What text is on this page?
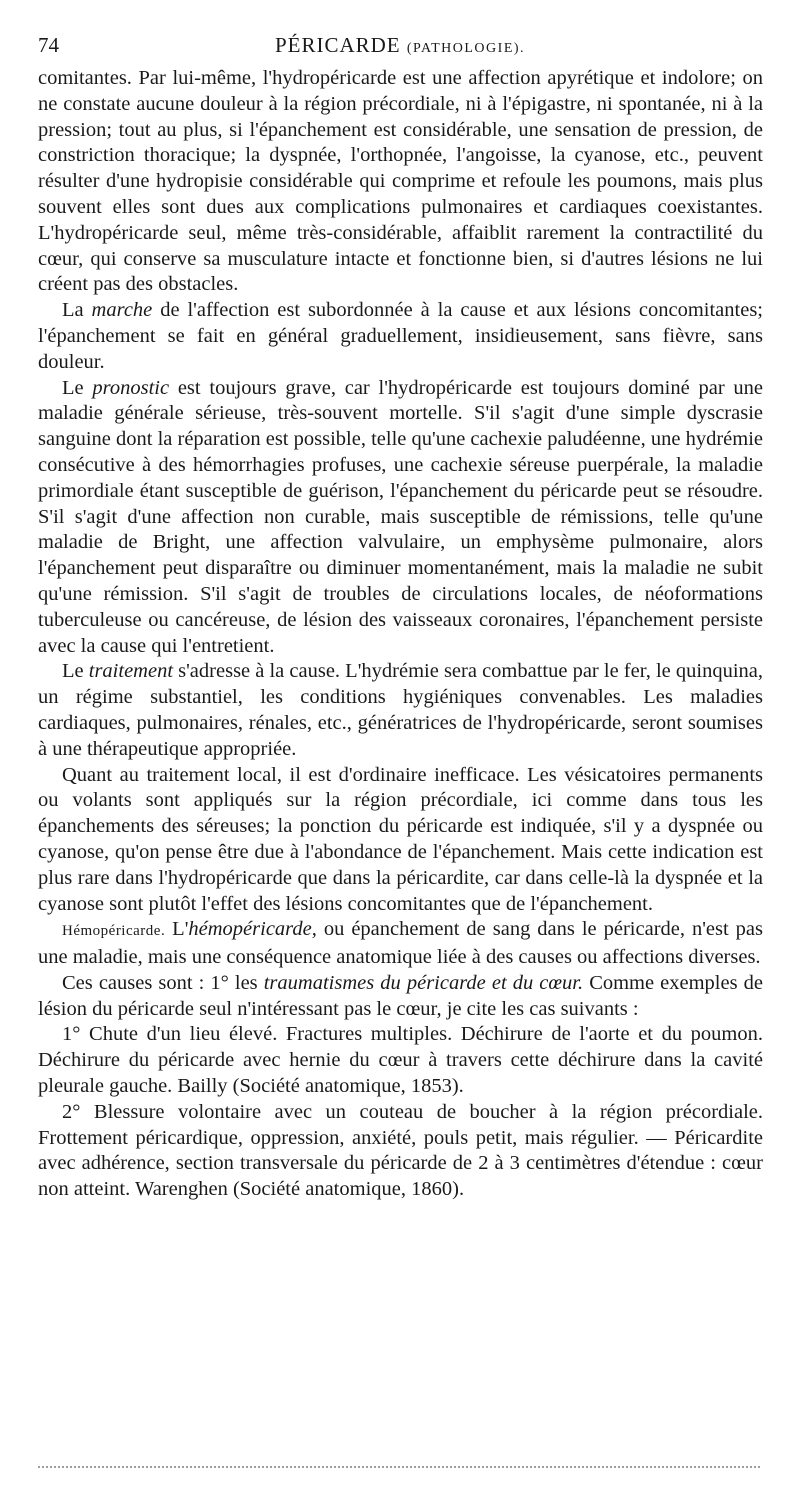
74	PÉRICARDE (PATHOLOGIE).

comitantes. Par lui-même, l'hydropéricarde est une affection apyrétique et indolore; on ne constate aucune douleur à la région précordiale, ni à l'épigastre, ni spontanée, ni à la pression; tout au plus, si l'épanchement est considérable, une sensation de pression, de constriction thoracique; la dyspnée, l'orthopnée, l'angoisse, la cyanose, etc., peuvent résulter d'une hydropisie considérable qui comprime et refoule les poumons, mais plus souvent elles sont dues aux complications pulmonaires et cardiaques coexistantes. L'hydropéricarde seul, même très-considérable, affaiblit rarement la contractilité du cœur, qui conserve sa musculature intacte et fonctionne bien, si d'autres lésions ne lui créent pas des obstacles.

La marche de l'affection est subordonnée à la cause et aux lésions concomitantes; l'épanchement se fait en général graduellement, insidieusement, sans fièvre, sans douleur.

Le pronostic est toujours grave, car l'hydropéricarde est toujours dominé par une maladie générale sérieuse, très-souvent mortelle. S'il s'agit d'une simple dyscrasie sanguine dont la réparation est possible, telle qu'une cachexie paludéenne, une hydrémie consécutive à des hémorrhagies profuses, une cachexie séreuse puerpérale, la maladie primordiale étant susceptible de guérison, l'épanchement du péricarde peut se résoudre. S'il s'agit d'une affection non curable, mais susceptible de rémissions, telle qu'une maladie de Bright, une affection valvulaire, un emphysème pulmonaire, alors l'épanchement peut disparaître ou diminuer momentanément, mais la maladie ne subit qu'une rémission. S'il s'agit de troubles de circulations locales, de néoformations tuberculeuse ou cancéreuse, de lésion des vaisseaux coronaires, l'épanchement persiste avec la cause qui l'entretient.

Le traitement s'adresse à la cause. L'hydrémie sera combattue par le fer, le quinquina, un régime substantiel, les conditions hygiéniques convenables. Les maladies cardiaques, pulmonaires, rénales, etc., génératrices de l'hydropéricarde, seront soumises à une thérapeutique appropriée.

Quant au traitement local, il est d'ordinaire inefficace. Les vésicatoires permanents ou volants sont appliqués sur la région précordiale, ici comme dans tous les épanchements des séreuses; la ponction du péricarde est indiquée, s'il y a dyspnée ou cyanose, qu'on pense être due à l'abondance de l'épanchement. Mais cette indication est plus rare dans l'hydropéricarde que dans la péricardite, car dans celle-là la dyspnée et la cyanose sont plutôt l'effet des lésions concomitantes que de l'épanchement.

Hémopéricarde. L'hémopéricarde, ou épanchement de sang dans le péricarde, n'est pas une maladie, mais une conséquence anatomique liée à des causes ou affections diverses.

Ces causes sont : 1° les traumatismes du péricarde et du cœur. Comme exemples de lésion du péricarde seul n'intéressant pas le cœur, je cite les cas suivants :

1° Chute d'un lieu élevé. Fractures multiples. Déchirure de l'aorte et du poumon. Déchirure du péricarde avec hernie du cœur à travers cette déchirure dans la cavité pleurale gauche. Bailly (Société anatomique, 1853).

2° Blessure volontaire avec un couteau de boucher à la région précordiale. Frottement péricardique, oppression, anxiété, pouls petit, mais régulier. — Péricardite avec adhérence, section transversale du péricarde de 2 à 3 centimètres d'étendue : cœur non atteint. Warenghen (Société anatomique, 1860).
